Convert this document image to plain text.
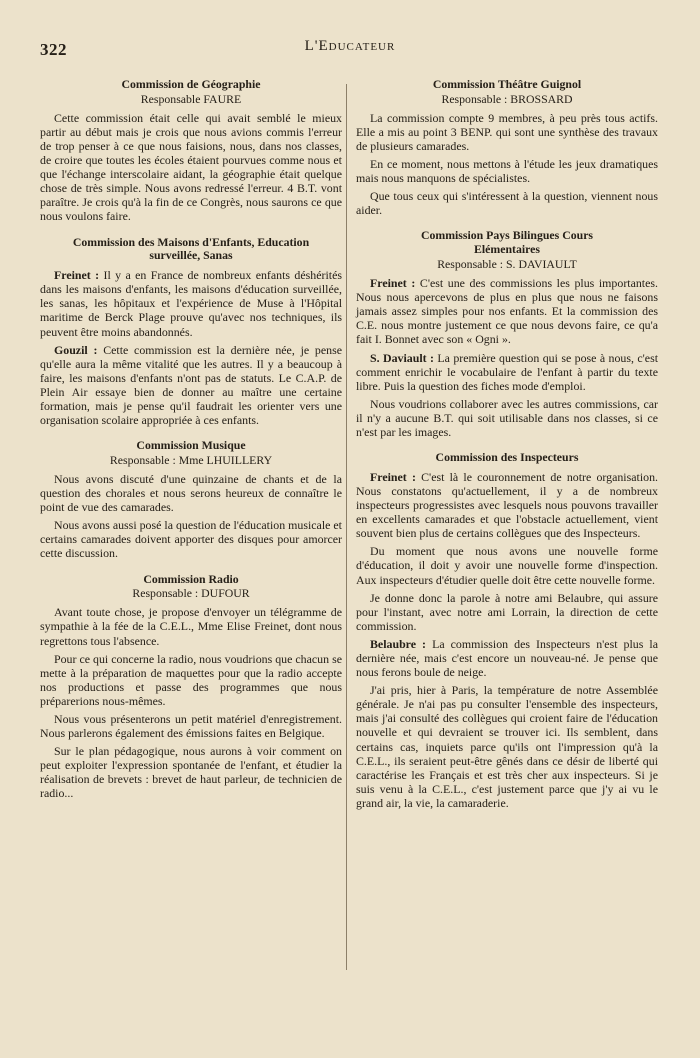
322	L'Educateur
Commission de Géographie
Responsable FAURE

Cette commission était celle qui avait semblé le mieux partir au début mais je crois que nous avions commis l'erreur de trop penser à ce que nous faisions, nous, dans nos classes, de croire que toutes les écoles étaient pourvues comme nous et que l'échange interscolaire aidant, la géographie était quelque chose de très simple. Nous avons redressé l'erreur. 4 B.T. vont paraître. Je crois qu'à la fin de ce Congrès, nous saurons ce que nous voulons faire.

Commission des Maisons d'Enfants, Education surveillée, Sanas

Freinet : Il y a en France de nombreux enfants déshérités dans les maisons d'enfants, les maisons d'éducation surveillée, les sanas, les hôpitaux et l'expérience de Muse à l'Hôpital maritime de Berck Plage prouve qu'avec nos techniques, ils peuvent être moins abandonnés.

Gouzil : Cette commission est la dernière née, je pense qu'elle aura la même vitalité que les autres. Il y a beaucoup à faire, les maisons d'enfants n'ont pas de statuts. Le C.A.P. de Plein Air essaye bien de donner au maître une certaine formation, mais je pense qu'il faudrait les orienter vers une organisation scolaire appropriée à ces enfants.

Commission Musique
Responsable : Mme LHUILLERY

Nous avons discuté d'une quinzaine de chants et de la question des chorales et nous serons heureux de connaître le point de vue des camarades.

Nous avons aussi posé la question de l'éducation musicale et certains camarades doivent apporter des disques pour amorcer cette discussion.

Commission Radio
Responsable : DUFOUR

Avant toute chose, je propose d'envoyer un télégramme de sympathie à la fée de la C.E.L., Mme Elise Freinet, dont nous regrettons tous l'absence.

Pour ce qui concerne la radio, nous voudrions que chacun se mette à la préparation de maquettes pour que la radio accepte nos productions et passe des programmes que nous préparerions nous-mêmes.

Nous vous présenterons un petit matériel d'enregistrement. Nous parlerons également des émissions faites en Belgique.

Sur le plan pédagogique, nous aurons à voir comment on peut exploiter l'expression spontanée de l'enfant, et étudier la réalisation de brevets : brevet de haut parleur, de technicien de radio...

Commission Théâtre Guignol
Responsable : BROSSARD

La commission compte 9 membres, à peu près tous actifs. Elle a mis au point 3 BENP. qui sont une synthèse des travaux de plusieurs camarades.

En ce moment, nous mettons à l'étude les jeux dramatiques mais nous manquons de spécialistes.

Que tous ceux qui s'intéressent à la question, viennent nous aider.

Commission Pays Bilingues Cours Elémentaires
Responsable : S. DAVIAULT

Freinet : C'est une des commissions les plus importantes. Nous nous apercevons de plus en plus que nous ne faisons jamais assez simples pour nos enfants. Et la commission des C.E. nous montre justement ce que nous devons faire, ce qu'a fait I. Bonnet avec son « Ogni ».

S. Daviault : La première question qui se pose à nous, c'est comment enrichir le vocabulaire de l'enfant à partir du texte libre. Puis la question des fiches mode d'emploi.

Nous voudrions collaborer avec les autres commissions, car il n'y a aucune B.T. qui soit utilisable dans nos classes, si ce n'est par les images.

Commission des Inspecteurs

Freinet : C'est là le couronnement de notre organisation. Nous constatons qu'actuellement, il y a de nombreux inspecteurs progressistes avec lesquels nous pouvons travailler en excellents camarades et que l'obstacle actuellement, vient souvent bien plus de certains collègues que des Inspecteurs.

Du moment que nous avons une nouvelle forme d'éducation, il doit y avoir une nouvelle forme d'inspection. Aux inspecteurs d'étudier quelle doit être cette nouvelle forme.

Je donne donc la parole à notre ami Belaubre, qui assure pour l'instant, avec notre ami Lorrain, la direction de cette commission.

Belaubre : La commission des Inspecteurs n'est plus la dernière née, mais c'est encore un nouveau-né. Je pense que nous ferons boule de neige.

J'ai pris, hier à Paris, la température de notre Assemblée générale. Je n'ai pas pu consulter l'ensemble des inspecteurs, mais j'ai consulté des collègues qui croient faire de l'éducation nouvelle et qui devraient se trouver ici. Ils semblent, dans certains cas, inquiets parce qu'ils ont l'impression qu'à la C.E.L., ils seraient peut-être gênés dans ce désir de liberté qui caractérise les Français et est très cher aux inspecteurs. Si je suis venu à la C.E.L., c'est justement parce que j'y ai vu le grand air, la vie, la camaraderie.
